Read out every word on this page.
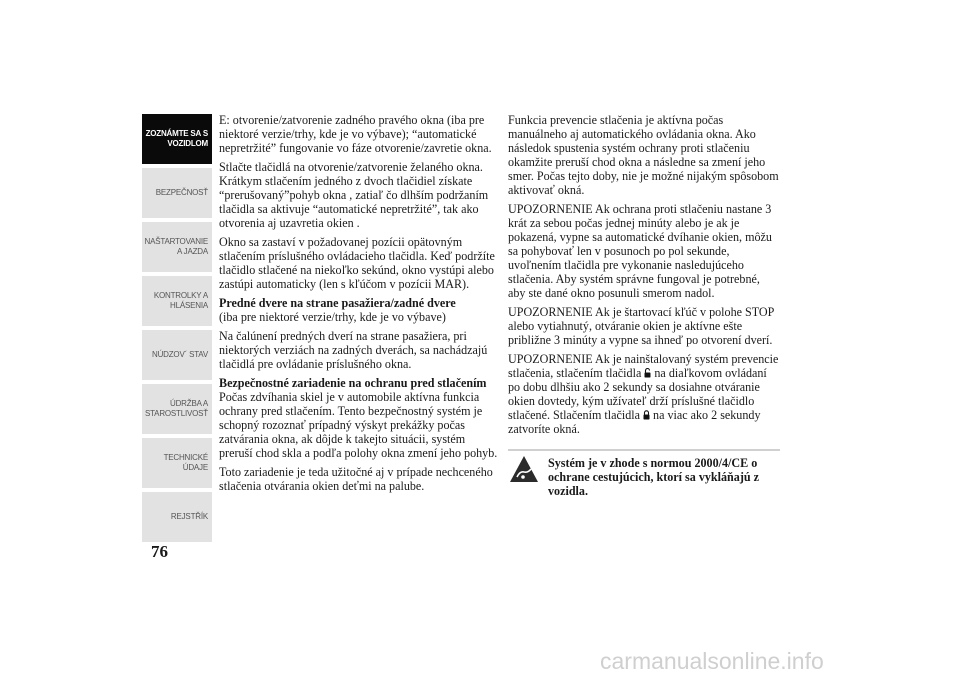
ZOZNÁMTE SA S
VOZIDLOM
BEZPEČNOSŤ
NAŠTARTOVANIE
A JAZDA
KONTROLKY A
HLÁSENIA
NÚDZOV´ STAV
ÚDRŽBA A
STAROSTLIVOSŤ
TECHNICKÉ
ÚDAJE
REJSTŘÍK
76

E: otvorenie/zatvorenie zadného pravého okna (iba pre niektoré verzie/trhy, kde je vo výbave); “automatické nepretržité” fungovanie vo fáze otvorenie/zavretie okna.

Stlačte tlačidlá na otvorenie/zatvorenie želaného okna. Krátkym stlačením jedného z dvoch tlačidiel získate “prerušovaný”pohyb okna , zatiaľ čo dlhším podržaním tlačidla sa aktivuje “automatické nepretržité”, tak ako otvorenia aj uzavretia okien .

Okno sa zastaví v požadovanej pozícii opätovným stlačením príslušného ovládacieho tlačidla. Keď podržíte tlačidlo stlačené na niekoľko sekúnd, okno vystúpi alebo zastúpi automaticky (len s kľúčom v pozícii MAR).

Predné dvere na strane pasažiera/zadné dvere

(iba pre niektoré verzie/trhy, kde je vo výbave)

Na čalúnení predných dverí na strane pasažiera, pri niektorých verziách na zadných dverách, sa nachádzajú tlačidlá pre ovládanie príslušného okna.

Bezpečnostné zariadenie na ochranu pred stlačením

Počas zdvíhania skiel je v automobile aktívna funkcia ochrany pred stlačením. Tento bezpečnostný systém je schopný rozoznať prípadný výskyt prekážky počas zatvárania okna, ak dôjde k takejto situácii, systém preruší chod skla a podľa polohy okna zmení jeho pohyb.

Toto zariadenie je teda užitočné aj v prípade nechceného stlačenia otvárania okien deťmi na palube.

Funkcia prevencie stlačenia je aktívna počas manuálneho aj automatického ovládania okna. Ako následok spustenia systém ochrany proti stlačeniu okamžite preruší chod okna a následne sa zmení jeho smer. Počas tejto doby, nie je možné nijakým spôsobom aktivovať okná.

UPOZORNENIE Ak ochrana proti stlačeniu nastane 3 krát za sebou počas jednej minúty alebo je ak je pokazená, vypne sa automatické dvíhanie okien, môžu sa pohybovať len v posunoch po pol sekunde, uvoľnením tlačidla pre vykonanie nasledujúceho stlačenia. Aby systém správne fungoval je potrebné, aby ste dané okno posunuli smerom nadol.

UPOZORNENIE Ak je štartovací kľúč v polohe STOP alebo vytiahnutý, otváranie okien je aktívne ešte približne 3 minúty a vypne sa ihneď po otvorení dverí.

UPOZORNENIE Ak je nainštalovaný systém prevencie stlačenia, stlačením tlačidla na diaľkovom ovládaní po dobu dlhšiu ako 2 sekundy sa dosiahne otváranie okien dovtedy, kým užívateľ drží príslušné tlačidlo stlačené. Stlačením tlačidla na viac ako 2 sekundy zatvoríte okná.

Systém je v zhode s normou 2000/4/CE o ochrane cestujúcich, ktorí sa vykláňajú z vozidla.
carmanualsonline.info
